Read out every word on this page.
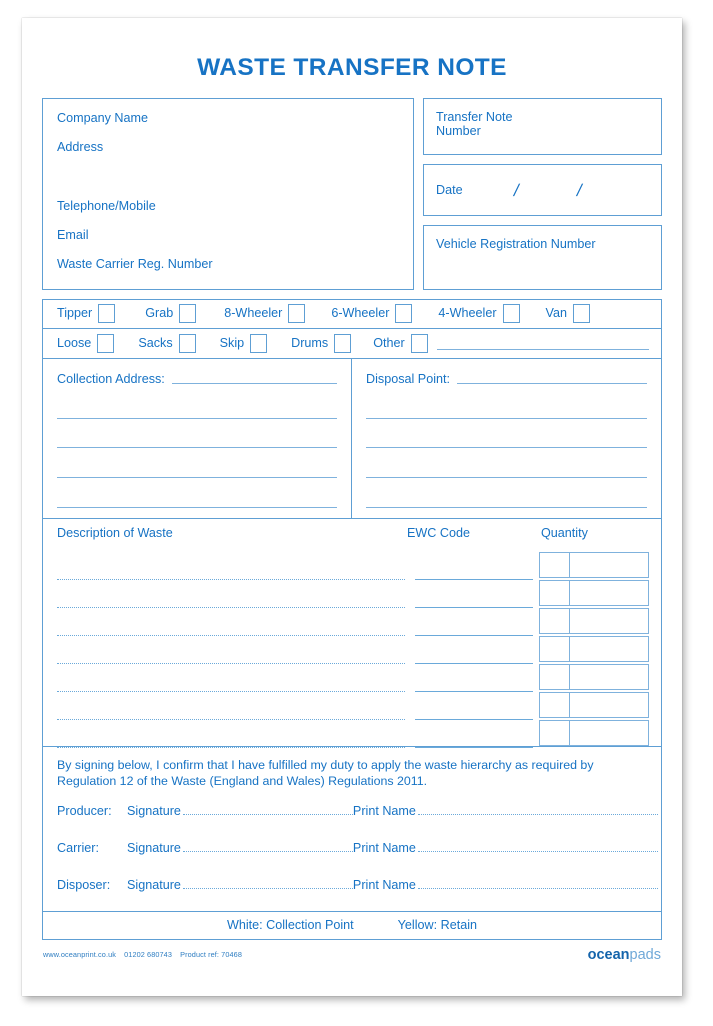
WASTE TRANSFER NOTE
Company Name
Address
Telephone/Mobile
Email
Waste Carrier Reg. Number
Transfer Note
Number
Date	/	/
Vehicle Registration Number
Tipper	Grab	8-Wheeler	6-Wheeler	4-Wheeler	Van
Loose	Sacks	Skip	Drums	Other
Collection Address:	Disposal Point:
Description of Waste	EWC Code	Quantity
By signing below, I confirm that I have fulfilled my duty to apply the waste hierarchy as required by Regulation 12 of the Waste (England and Wales) Regulations 2011.
Producer:	Signature	Print Name
Carrier:	Signature	Print Name
Disposer:	Signature	Print Name
White: Collection Point	Yellow: Retain
www.oceanprint.co.uk 01202 680743 Product ref: 70468	oceanpads
